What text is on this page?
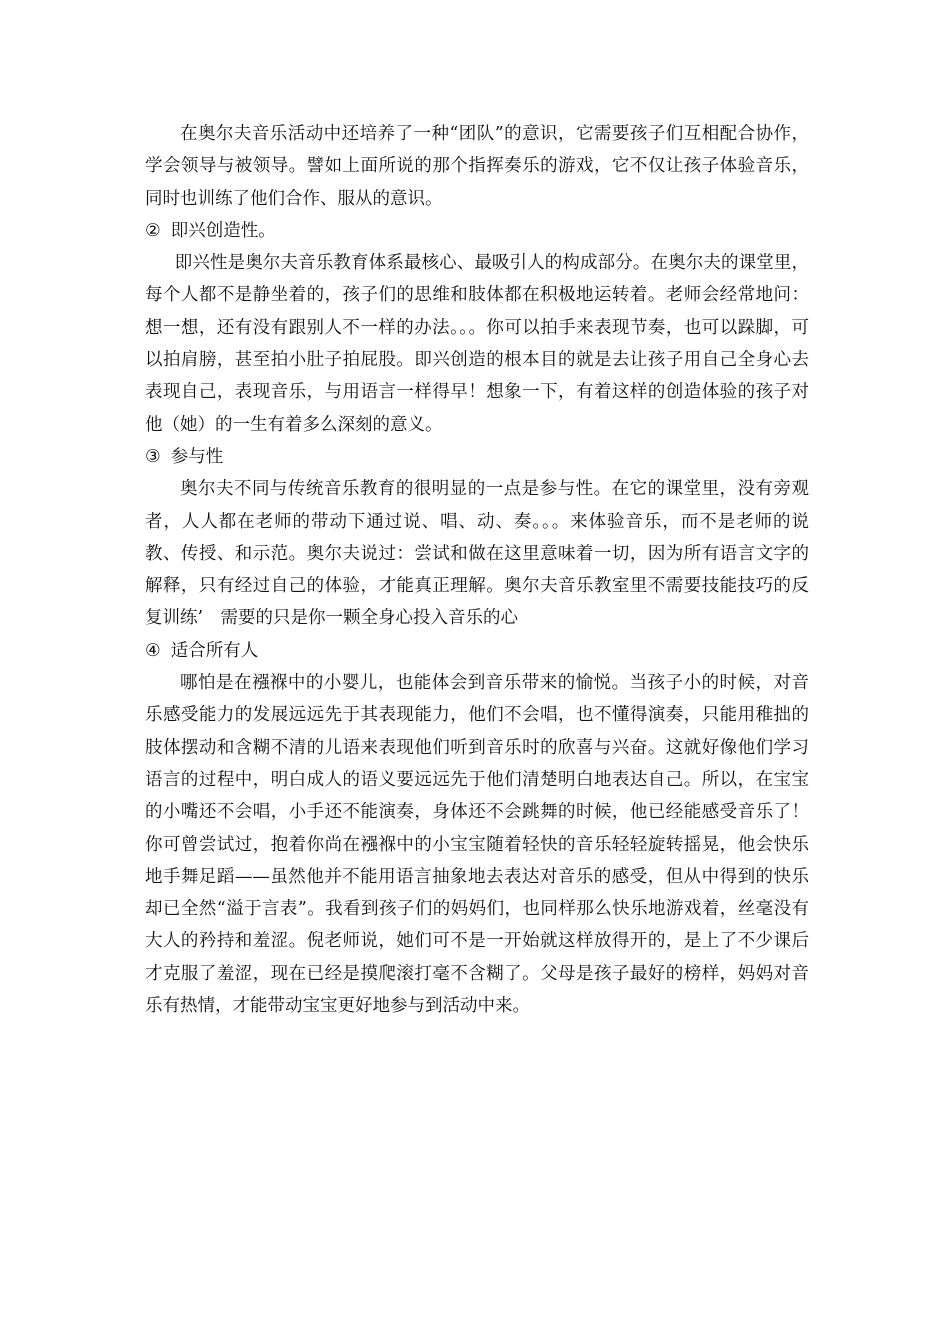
在奥尔夫音乐活动中还培养了一种“团队”的意识，它需要孩子们互相配合协作，学会领导与被领导。譬如上面所说的那个指挥奏乐的游戏，它不仅让孩子体验音乐，同时也训练了他们合作、服从的意识。

② 即兴创造性。

即兴性是奥尔夫音乐教育体系最核心、最吸引人的构成部分。在奥尔夫的课堂里，每个人都不是静坐着的，孩子们的思维和肢体都在积极地运转着。老师会经常地问：想一想，还有没有跟别人不一样的办法。。。你可以拍手来表现节奏，也可以跺脚，可以拍肩膀，甚至拍小肚子拍屁股。即兴创造的根本目的就是去让孩子用自己全身心去表现自己，表现音乐，与用语言一样得早！想象一下，有着这样的创造体验的孩子对他（她）的一生有着多么深刻的意义。

③ 参与性

奥尔夫不同与传统音乐教育的很明显的一点是参与性。在它的课堂里，没有旁观者，人人都在老师的带动下通过说、唱、动、奏。。。来体验音乐，而不是老师的说教、传授、和示范。奥尔夫说过：尝试和做在这里意味着一切，因为所有语言文字的解释，只有经过自己的体验，才能真正理解。奥尔夫音乐教室里不需要技能技巧的反复训练’　需要的只是你一颗全身心投入音乐的心

④ 适合所有人

哪怕是在襁褓中的小婴儿，也能体会到音乐带来的愉悦。当孩子小的时候，对音乐感受能力的发展远远先于其表现能力，他们不会唱，也不懂得演奏，只能用稚拙的肢体摆动和含糊不清的儿语来表现他们听到音乐时的欣喜与兴奋。这就好像他们学习语言的过程中，明白成人的语义要远远先于他们清楚明白地表达自己。所以，在宝宝的小嘴还不会唱，小手还不能演奏，身体还不会跳舞的时候，他已经能感受音乐了！你可曾尝试过，抱着你尚在襁褓中的小宝宝随着轻快的音乐轻轻旋转摇晃，他会快乐地手舞足蹈——虽然他并不能用语言抽象地去表达对音乐的感受，但从中得到的快乐却已全然“溢于言表”。我看到孩子们的妈妈们，也同样那么快乐地游戏着，丝毫没有大人的矜持和羞涩。倪老师说，她们可不是一开始就这样放得开的，是上了不少课后才克服了羞涩，现在已经是摸爬滚打毫不含糊了。父母是孩子最好的榜样，妈妈对音乐有热情，才能带动宝宝更好地参与到活动中来。
